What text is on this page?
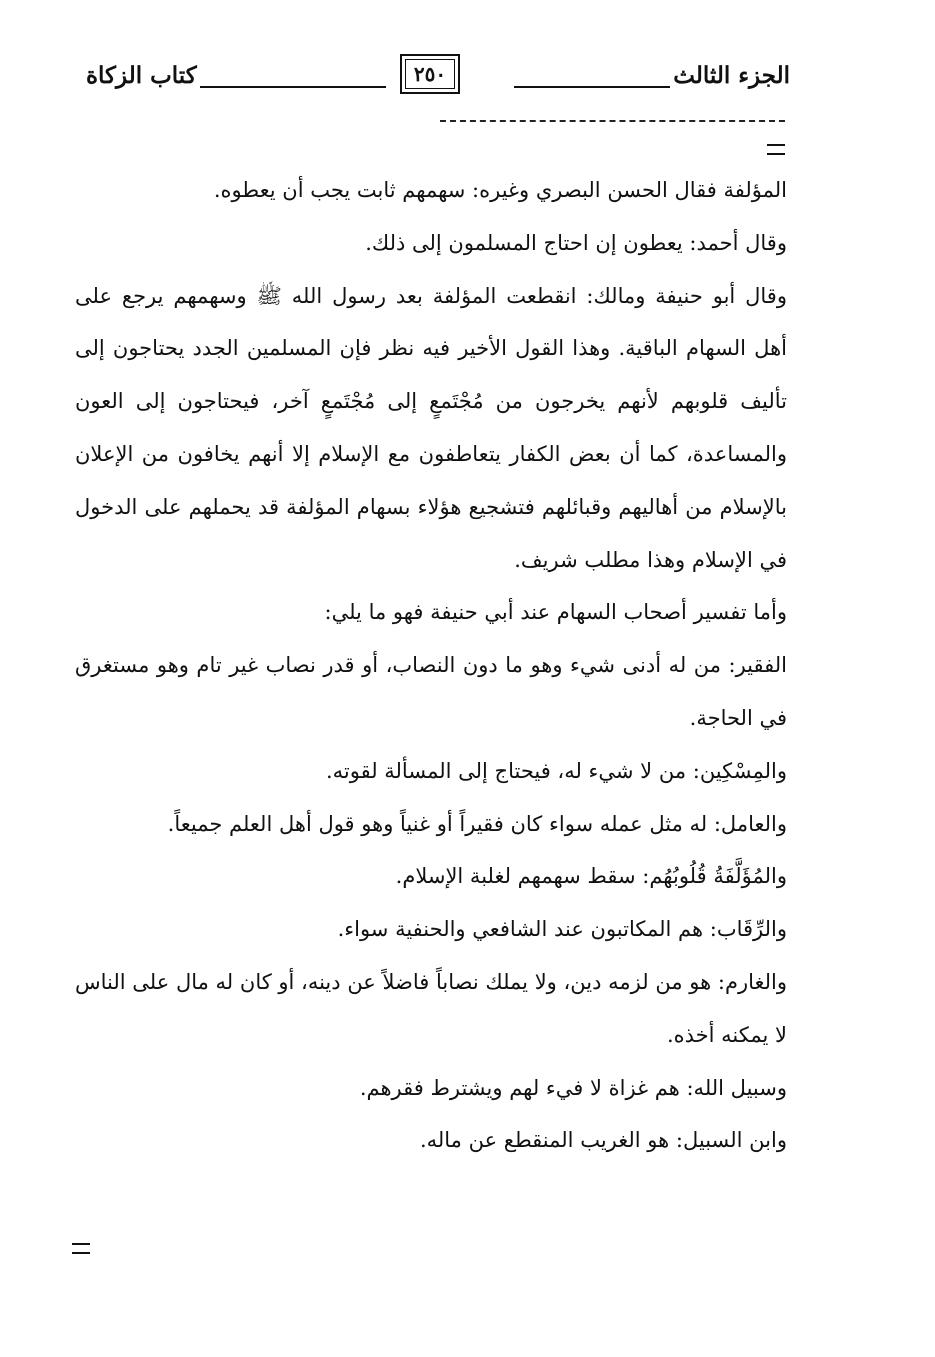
الجزء الثالث
٢٥٠
كتاب الزكاة

المؤلفة فقال الحسن البصري وغيره: سهمهم ثابت يجب أن يعطوه.

وقال أحمد: يعطون إن احتاج المسلمون إلى ذلك.

وقال أبو حنيفة ومالك: انقطعت المؤلفة بعد رسول الله ﷺ وسهمهم يرجع على أهل السهام الباقية. وهذا القول الأخير فيه نظر فإن المسلمين الجدد يحتاجون إلى تأليف قلوبهم لأنهم يخرجون من مُجْتَمعٍ إلى مُجْتَمعٍ آخر، فيحتاجون إلى العون والمساعدة، كما أن بعض الكفار يتعاطفون مع الإسلام إلا أنهم يخافون من الإعلان بالإسلام من أهاليهم وقبائلهم فتشجيع هؤلاء بسهام المؤلفة قد يحملهم على الدخول في الإسلام وهذا مطلب شريف.

وأما تفسير أصحاب السهام عند أبي حنيفة فهو ما يلي:

الفقير: من له أدنى شيء وهو ما دون النصاب، أو قدر نصاب غير تام وهو مستغرق في الحاجة.

والمِسْكِين: من لا شيء له، فيحتاج إلى المسألة لقوته.

والعامل: له مثل عمله سواء كان فقيراً أو غنياً وهو قول أهل العلم جميعاً.

والمُؤَلَّفَةُ قُلُوبُهُم: سقط سهمهم لغلبة الإسلام.

والرِّقَاب: هم المكاتبون عند الشافعي والحنفية سواء.

والغارم: هو من لزمه دين، ولا يملك نصاباً فاضلاً عن دينه، أو كان له مال على الناس لا يمكنه أخذه.

وسبيل الله: هم غزاة لا فيء لهم ويشترط فقرهم.

وابن السبيل: هو الغريب المنقطع عن ماله.
